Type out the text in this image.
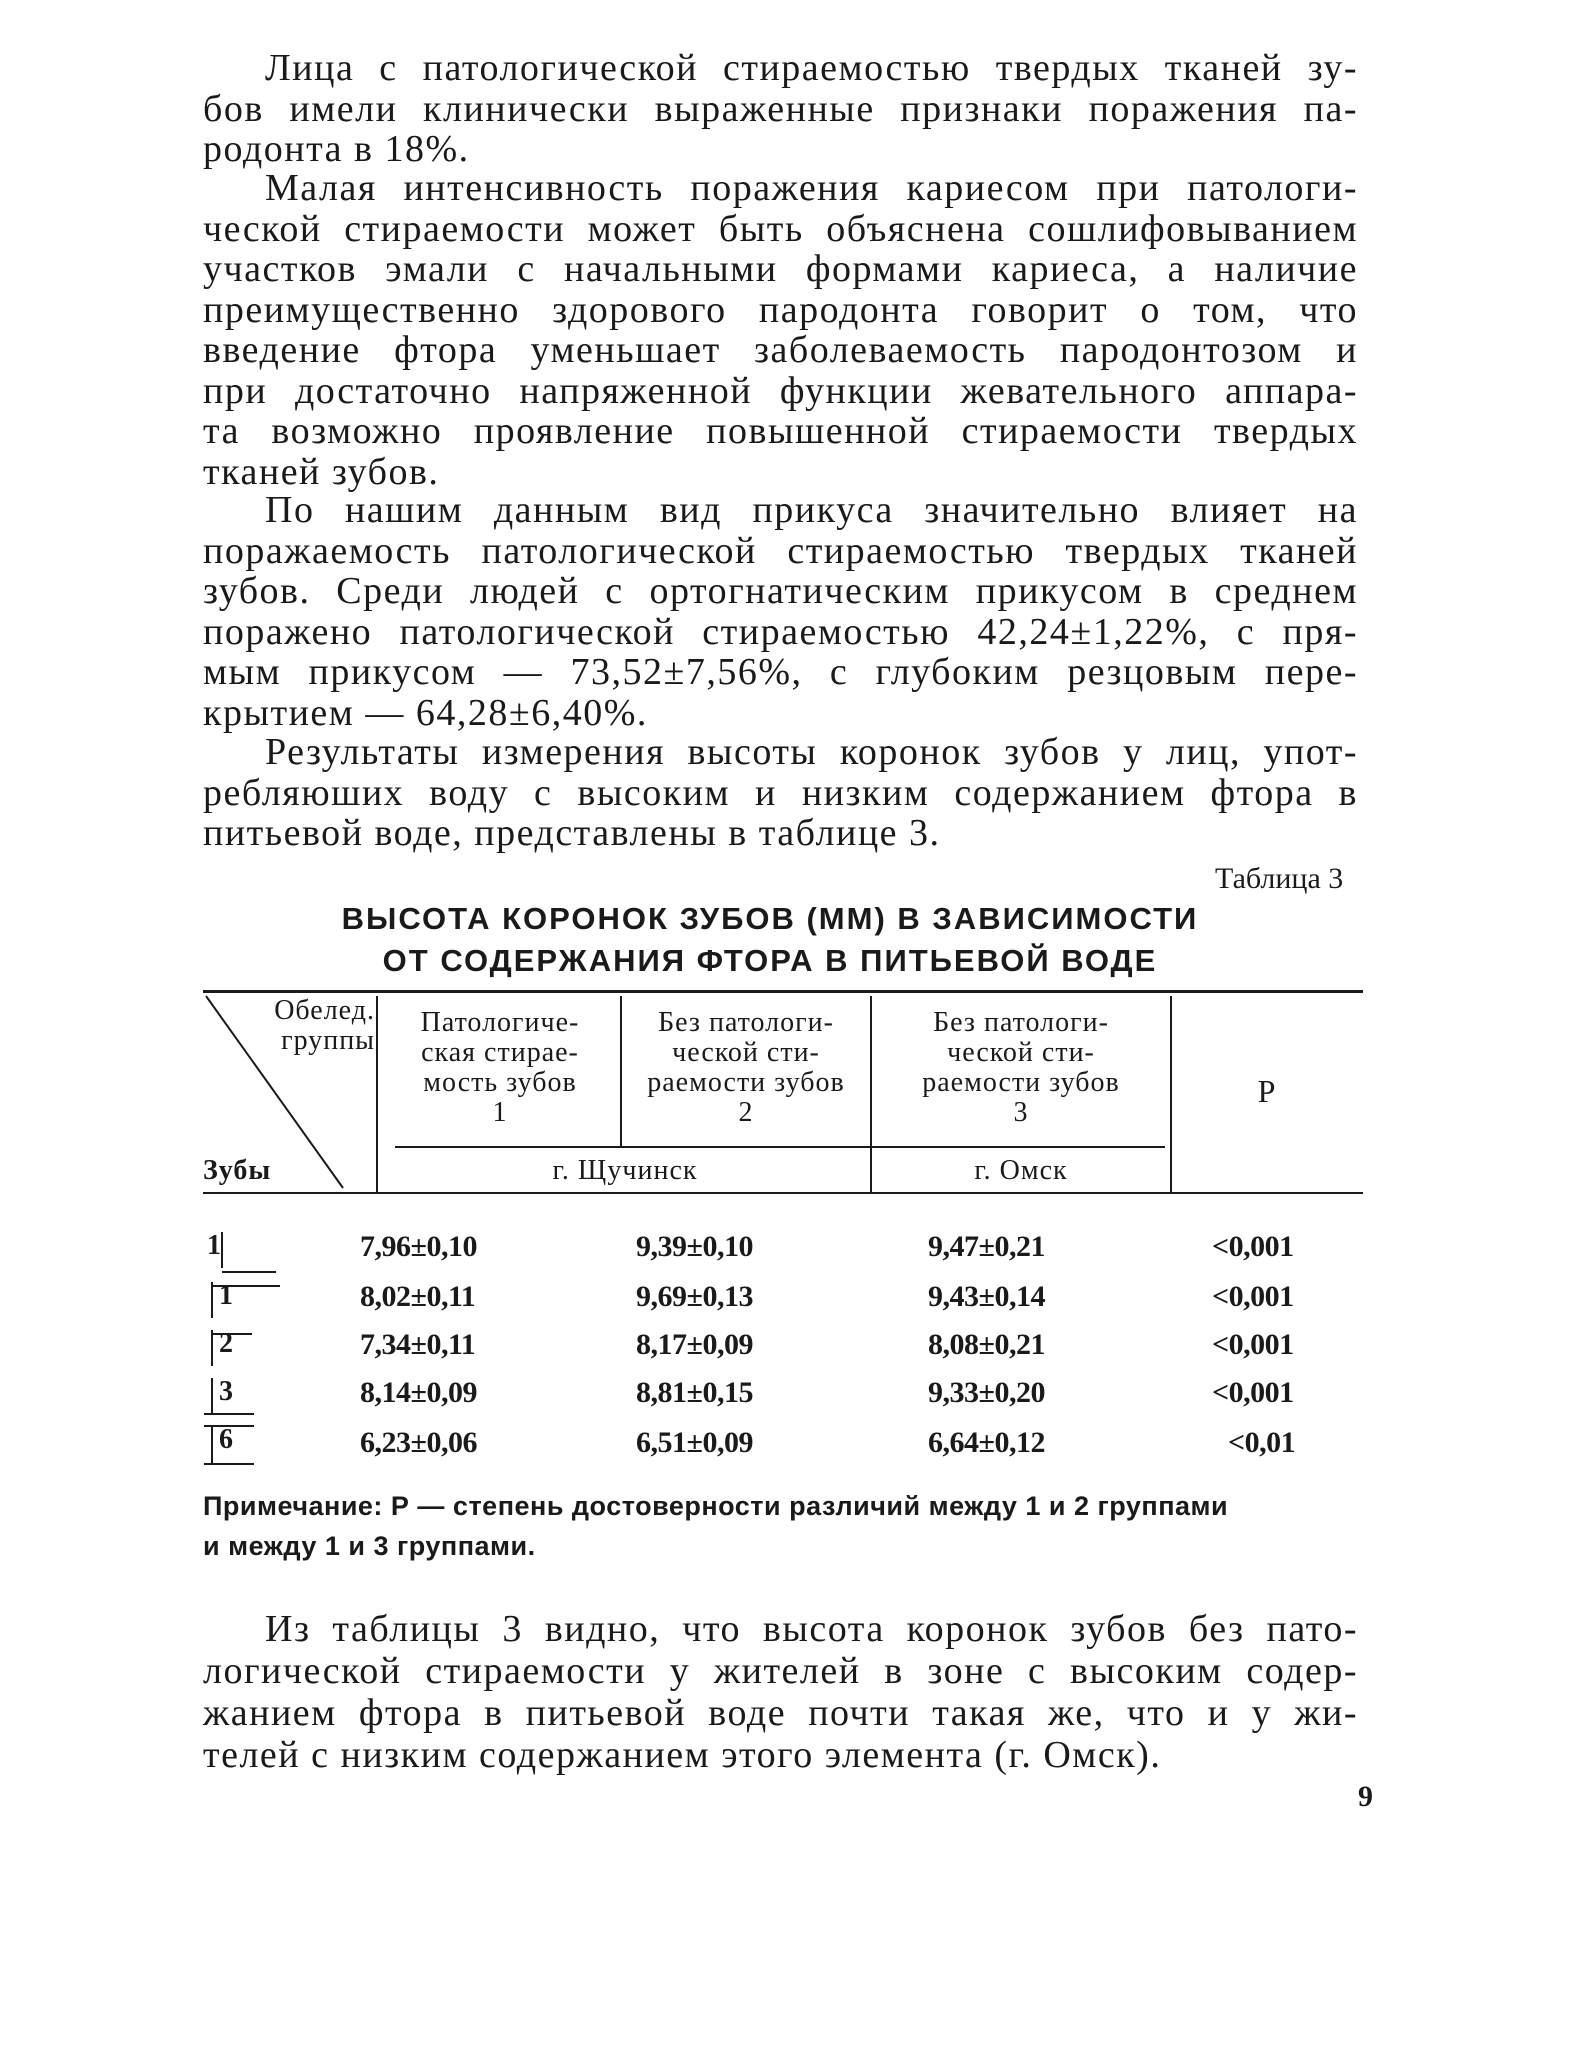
Лица с патологической стираемостью твердых тканей зу-
бов имели клинически выраженные признаки поражения па-
родонта в 18%.
Малая интенсивность поражения кариесом при патологи-
ческой стираемости может быть объяснена сошлифовыванием
участков эмали с начальными формами кариеса, а наличие
преимущественно здорового пародонта говорит о том, что
введение фтора уменьшает заболеваемость пародонтозом и
при достаточно напряженной функции жевательного аппара-
та возможно проявление повышенной стираемости твердых
тканей зубов.
По нашим данным вид прикуса значительно влияет на
поражаемость патологической стираемостью твердых тканей
зубов. Среди людей с ортогнатическим прикусом в среднем
поражено патологической стираемостью 42,24±1,22%, с пря-
мым прикусом — 73,52±7,56%, с глубоким резцовым пере-
крытием — 64,28±6,40%.
Результаты измерения высоты коронок зубов у лиц, упот-
ребляюших воду с высоким и низким содержанием фтора в
питьевой воде, представлены в таблице 3.
Таблица 3
ВЫСОТА КОРОНОК ЗУБОВ (ММ) В ЗАВИСИМОСТИ
ОТ СОДЕРЖАНИЯ ФТОРА В ПИТЬЕВОЙ ВОДЕ
Обелед.
группы
Зубы
Патологиче-
ская стирае-
мость зубов
1
Без патологи-
ческой сти-
раемости зубов
2
Без патологи-
ческой сти-
раемости зубов
3
Р
г. Щучинск	г. Омск
1	7,96±0,10	9,39±0,10	9,47±0,21	<0,001
1	8,02±0,11	9,69±0,13	9,43±0,14	<0,001
2	7,34±0,11	8,17±0,09	8,08±0,21	<0,001
3	8,14±0,09	8,81±0,15	9,33±0,20	<0,001
6	6,23±0,06	6,51±0,09	6,64±0,12	<0,01
Примечание: Р — степень достоверности различий между 1 и 2 группами
и между 1 и 3 группами.
Из таблицы 3 видно, что высота коронок зубов без пато-
логической стираемости у жителей в зоне с высоким содер-
жанием фтора в питьевой воде почти такая же, что и у жи-
телей с низким содержанием этого элемента (г. Омск).
9
